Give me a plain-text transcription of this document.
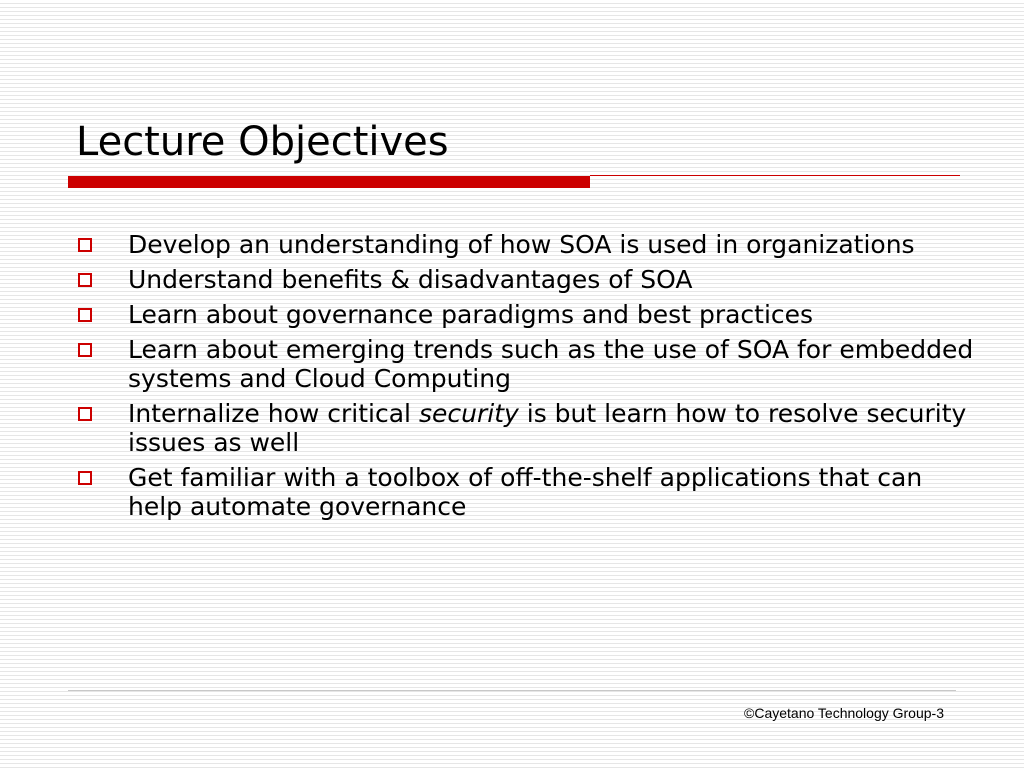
Lecture Objectives
Develop an understanding of how SOA is used in organizations
Understand benefits & disadvantages of SOA
Learn about governance paradigms and best practices
Learn about emerging trends such as the use of SOA for embedded systems and Cloud Computing
Internalize how critical security is but learn how to resolve security issues as well
Get familiar with a toolbox of off-the-shelf applications that can help automate governance
©Cayetano Technology Group-3
